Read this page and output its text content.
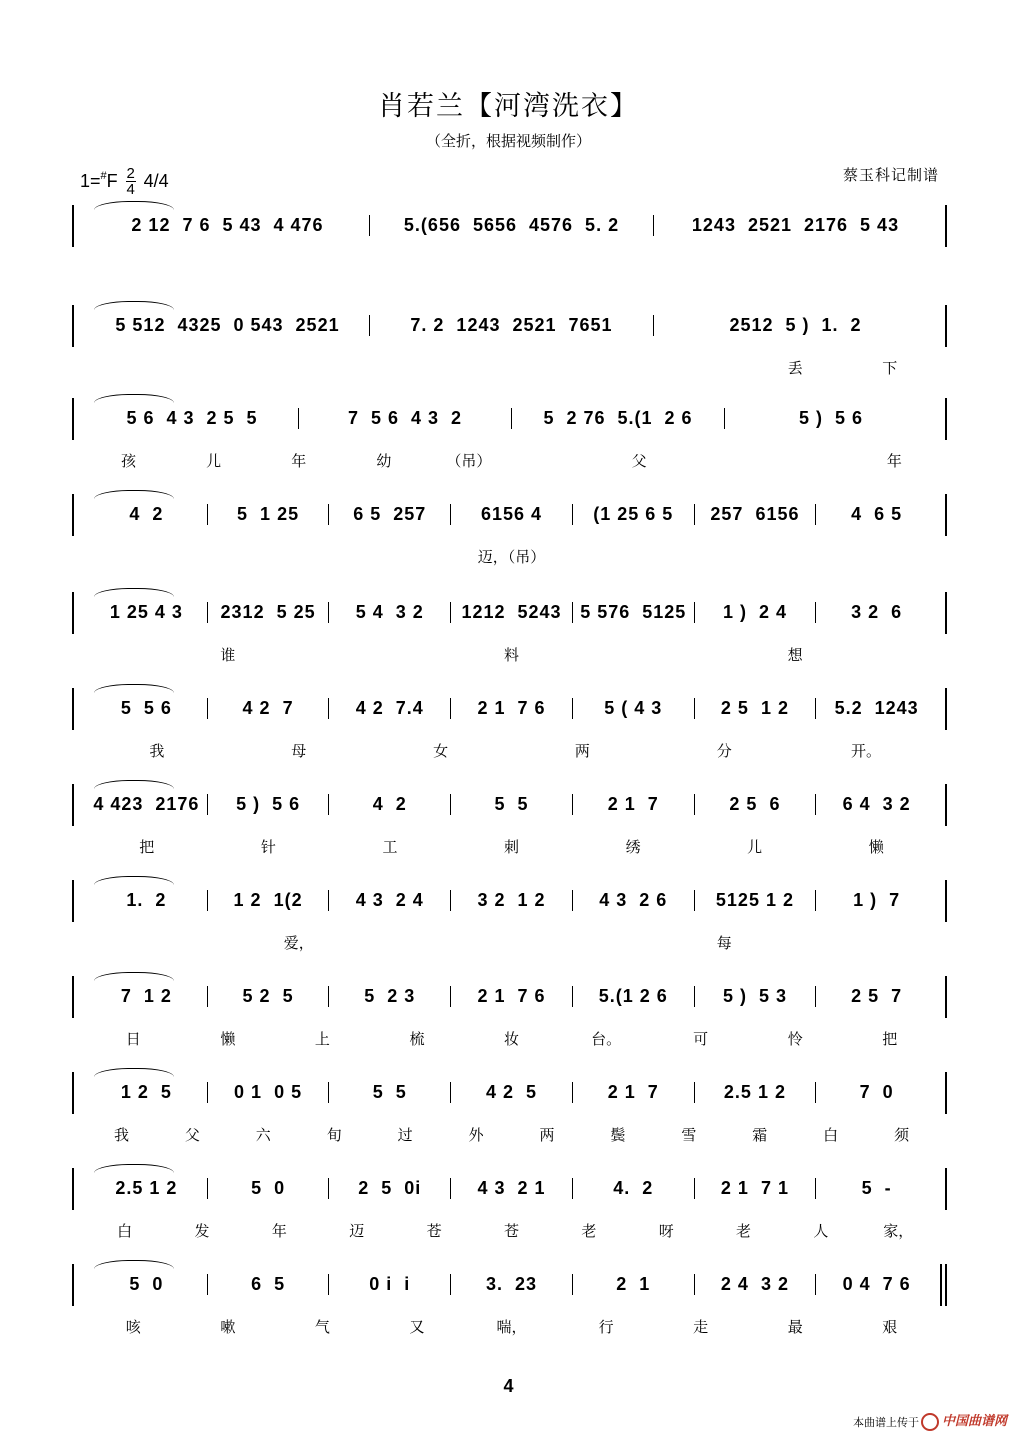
肖若兰【河湾洗衣】
（全折，根据视频制作）
1= # F $\frac{2}{4} 4/4$	蔡玉科记制谱
2 12  7 6  5 43  4 476	5.(656  5656  4576  5. 2	1243  2521  2176  5 43
5 512  4325  0 543  2521	7. 2  1243  2521  7651	2512  5 )  1.  2
丢	下
5 6  4 3  2 5  5	7  5 6  4 3  2	5  2 76  5.(1  2 6	5 )  5 6
孩	儿	年	幼	（吊）	父	年
4  2	5  1 25	6 5  257	6156 4	(1 25 6 5	257  6156	4  6 5
迈，（吊）
1 25 4 3	2312  5 25	5 4  3 2	1212  5243	5 576  5125	1 )  2 4	3 2  6
谁	料	想
5  5 6	4 2  7	4 2  7.4	2 1  7 6	5 ( 4 3	2 5  1 2	5.2  1243
我	母	女	两	分	开。
4 423  2176	5 )  5 6	4  2	5  5	2 1  7	2 5  6	6 4  3 2
把	针	工	刺	绣	儿	懒
1.  2	1 2  1(2	4 3  2 4	3 2  1 2	4 3  2 6	5125 1 2	1 )  7
爱，	每
7  1 2	5 2  5	5  2 3	2 1  7 6	5.(1 2 6	5 )  5 3	2 5  7
日	懒	上	梳	妆	台。	可	怜	把
1 2  5	0 1  0 5	5  5	4 2  5	2 1  7	2.5 1 2	7  0
我	父	六	旬	过	外	两	鬓	雪	霜	白	须
2.5 1 2	5  0	2  5  0i	4 3  2 1	4.  2	2 1  7 1	5  -
白	发	年	迈	苍	苍	老	呀	老	人	家，
5  0	6  5	0 i  i	3.  23	2  1	2 4  3 2	0 4  7 6
咳	嗽	气	又	喘，	行	走	最	艰
4
本曲谱上传于	中国曲谱网
